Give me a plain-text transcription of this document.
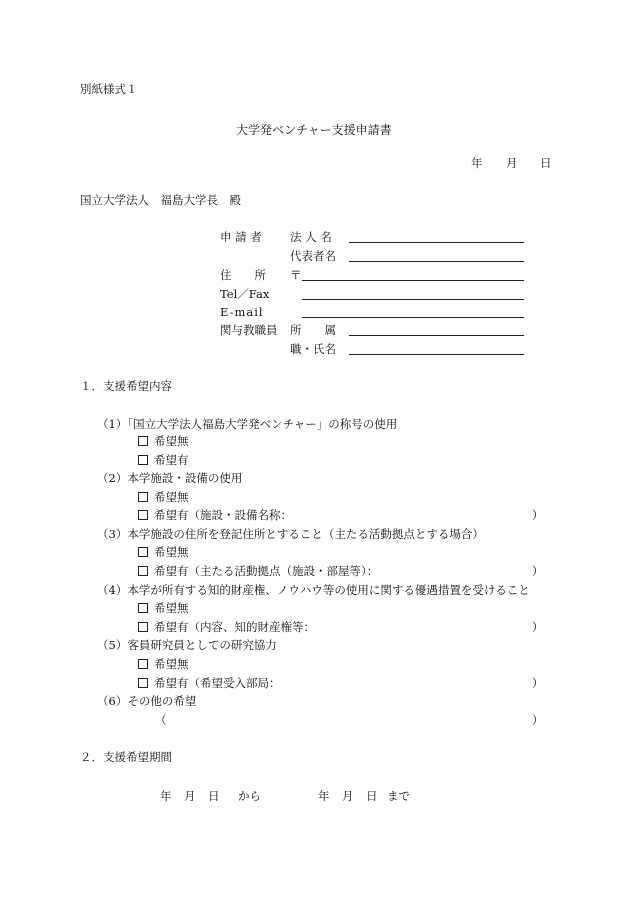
別紙様式１
大学発ベンチャー支援申請書
年 月 日
国立大学法人　福島大学長　殿
申 請 者 法 人 名
代表者名
住　　所 〒
Tel／Fax
E-mail
関与教職員 所　　属
職・氏名
１．支援希望内容
（1）「国立大学法人福島大学発ベンチャー」の称号の使用
希望無
希望有
（2）本学施設・設備の使用
希望無
希望有（施設・設備名称：	）
（3）本学施設の住所を登記住所とすること（主たる活動拠点とする場合）
希望無
希望有（主たる活動拠点（施設・部屋等）：	）
（4）本学が所有する知的財産権、ノウハウ等の使用に関する優遇措置を受けること
希望無
希望有（内容、知的財産権等：	）
（5）客員研究員としての研究協力
希望無
希望有（希望受入部局：	）
（6）その他の希望
（	）
２．支援希望期間
年 月 日 から	年 月 日 まで
